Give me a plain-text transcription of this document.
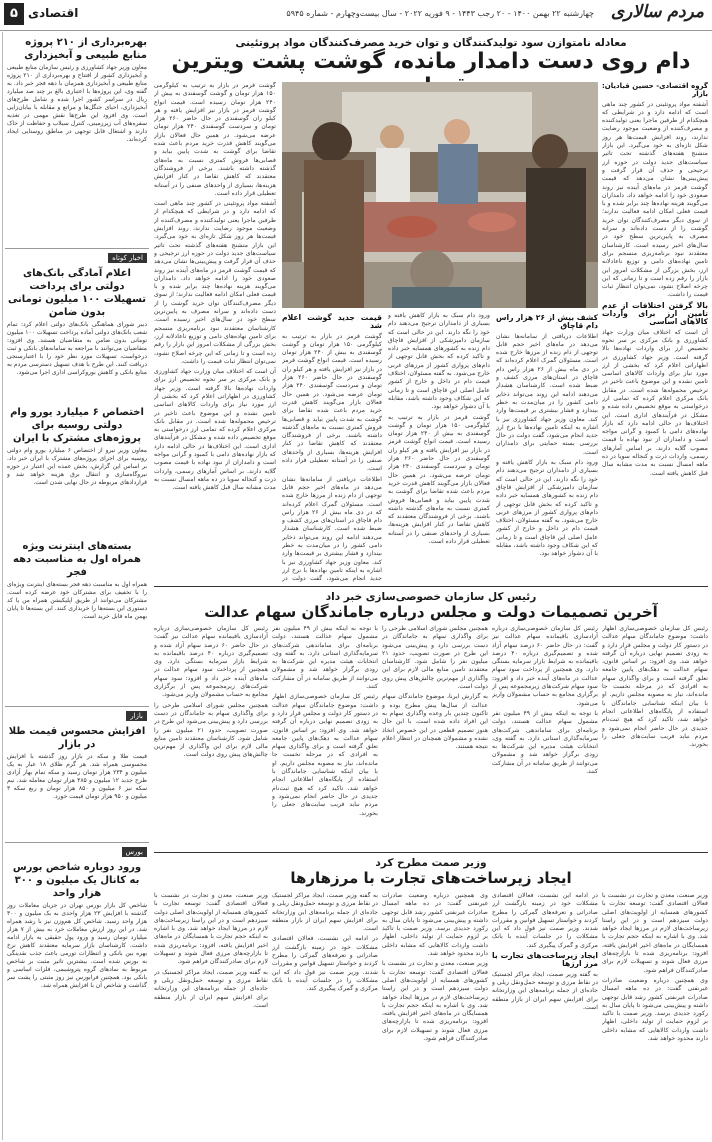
مردم سالاری
چهارشنبه ۲۲ بهمن ۱۴۰۰ - ۲۰ رجب ۱۴۴۳ - ۹ فوریه ۲۰۲۲ - سال بیست‌وچهارم - شماره ۵۹۴۵
اقتصادی
۵
معادله نامتوازن سود تولیدکنندگان و توان خرید مصرف‌کنندگان مواد پروتئینی
دام روی دست دامدار مانده، گوشت پشت ویترین
گروه اقتصادی- حسین قبادیان: بازار

آشفته مواد پروتئینی در کشور چند ماهی است که ادامه دارد و در شرایطی که هیچکدام از طرفین ماجرا یعنی تولیدکننده و مصرف‌کننده از وضعیت موجود رضایت ندارند، روند افزایش قیمت‌ها هر روز شکل تازه‌ای به خود می‌گیرد. این بازار متشنج هفته‌های گذشته تحت تاثیر سیاست‌های جدید دولت در حوزه ارز ترجیحی و حذف آن قرار گرفت و پیش‌بینی‌ها نشان می‌دهد که قیمت گوشت قرمز در ماه‌های آینده نیز روند صعودی خود را ادامه خواهد داد. دامداران می‌گویند هزینه نهاده‌ها چند برابر شده و با قیمت فعلی امکان ادامه فعالیت ندارند؛ از سوی دیگر مصرف‌کنندگان توان خرید گوشت را از دست داده‌اند و سرانه مصرف به پایین‌ترین سطح خود در سال‌های اخیر رسیده است. کارشناسان معتقدند نبود برنامه‌ریزی منسجم برای تامین نهاده‌های دامی و توزیع ناعادلانه ارز، بخش بزرگی از مشکلات امروز این بازار را رقم زده است و تا زمانی که این چرخه اصلاح نشود، نمی‌توان انتظار ثبات قیمت را داشت.

بالا گرفتن اختلافات از عدم تامین ارز برای واردات کالاهای اساسی

آن است که اختلاف میان وزارت جهاد کشاورزی و بانک مرکزی بر سر نحوه تخصیص ارز برای واردات نهاده‌ها بالا گرفته است. وزیر جهاد کشاورزی در اظهاراتی اعلام کرد که بخشی از ارز مورد نیاز برای واردات کالاهای اساسی تامین نشده و این موضوع باعث تاخیر در ترخیص محموله‌ها شده است. در مقابل بانک مرکزی اعلام کرده که تمامی ارز درخواستی به موقع تخصیص داده شده و مشکل در فرآیندهای اداری است. این اختلاف‌ها در حالی ادامه دارد که بازار نهاده‌های دامی با کمبود و گرانی مواجه است و دامداران از نبود نهاده با قیمت مصوب گلایه دارند. بر اساس آمارهای رسمی، واردات ذرت و کنجاله سویا در ده ماهه امسال نسبت به مدت مشابه سال قبل کاهش یافته است.

کشف بیش از ۲۶ هزار راس دام قاچاق

اطلاعات دریافتی از سامانه‌ها نشان می‌دهد در ماه‌های اخیر حجم قابل توجهی از دام زنده از مرزها خارج شده است. مسئولان گمرک اعلام کرده‌اند که در دی ماه بیش از ۲۶ هزار راس دام قاچاق در استان‌های مرزی کشف و ضبط شده است. کارشناسان هشدار می‌دهند ادامه این روند می‌تواند ذخایر دامی کشور را در میان‌مدت به خطر بیندازد و فشار بیشتری بر قیمت‌ها وارد کند. معاون وزیر جهاد کشاورزی نیز با اشاره به اینکه تامین نهاده‌ها با نرخ ارز جدید انجام می‌شود، گفت دولت در حال بررسی بسته حمایتی برای دامداران است.

ورود دام سبک به بازار کاهش یافته و بسیاری از دامداران ترجیح می‌دهند دام خود را نگه دارند. این در حالی است که سازمان دامپزشکی از افزایش قاچاق دام زنده به کشورهای همسایه خبر داده و تاکید کرده که بخش قابل توجهی از دام‌های پرواری کشور از مرزهای غربی خارج می‌شود. به گفته مسئولان، اختلاف قیمت دام در داخل و خارج از کشور عامل اصلی این قاچاق است و تا زمانی که این شکاف وجود داشته باشد، مقابله با آن دشوار خواهد بود.

ورود دام سبک به بازار کاهش یافته و بسیاری از دامداران ترجیح می‌دهند دام خود را نگه دارند. این در حالی است که سازمان دامپزشکی از افزایش قاچاق دام زنده به کشورهای همسایه خبر داده و تاکید کرده که بخش قابل توجهی از دام‌های پرواری کشور از مرزهای غربی خارج می‌شود. به گفته مسئولان، اختلاف قیمت دام در داخل و خارج از کشور عامل اصلی این قاچاق است و تا زمانی که این شکاف وجود داشته باشد، مقابله با آن دشوار خواهد بود.

گوشت قرمز در بازار به ترتیب به کیلوگرمی ۱۵۰ هزار تومان و گوشت گوسفندی به بیش از ۲۴۰ هزار تومان رسیده است. قیمت انواع گوشت قرمز در بازار نیز افزایش یافته و هر کیلو ران گوسفندی در حال حاضر ۲۶۰ هزار تومان و سردست گوسفندی ۲۴۰ هزار تومان عرضه می‌شود. در همین حال فعالان بازار می‌گویند کاهش قدرت خرید مردم باعث شده تقاضا برای گوشت به شدت پایین بیاید و قصابی‌ها فروش کمتری نسبت به ماه‌های گذشته داشته باشند. برخی از فروشندگان معتقدند که کاهش تقاضا در کنار افزایش هزینه‌ها، بسیاری از واحدهای صنفی را در آستانه تعطیلی قرار داده است.

قیمت جدید گوشت اعلام شد

گوشت قرمز در بازار به ترتیب به کیلوگرمی ۱۵۰ هزار تومان و گوشت گوسفندی به بیش از ۲۴۰ هزار تومان رسیده است. قیمت انواع گوشت قرمز در بازار نیز افزایش یافته و هر کیلو ران گوسفندی در حال حاضر ۲۶۰ هزار تومان و سردست گوسفندی ۲۴۰ هزار تومان عرضه می‌شود. در همین حال فعالان بازار می‌گویند کاهش قدرت خرید مردم باعث شده تقاضا برای گوشت به شدت پایین بیاید و قصابی‌ها فروش کمتری نسبت به ماه‌های گذشته داشته باشند. برخی از فروشندگان معتقدند که کاهش تقاضا در کنار افزایش هزینه‌ها، بسیاری از واحدهای صنفی را در آستانه تعطیلی قرار داده است.

اطلاعات دریافتی از سامانه‌ها نشان می‌دهد در ماه‌های اخیر حجم قابل توجهی از دام زنده از مرزها خارج شده است. مسئولان گمرک اعلام کرده‌اند که در دی ماه بیش از ۲۶ هزار راس دام قاچاق در استان‌های مرزی کشف و ضبط شده است. کارشناسان هشدار می‌دهند ادامه این روند می‌تواند ذخایر دامی کشور را در میان‌مدت به خطر بیندازد و فشار بیشتری بر قیمت‌ها وارد کند. معاون وزیر جهاد کشاورزی نیز با اشاره به اینکه تامین نهاده‌ها با نرخ ارز جدید انجام می‌شود، گفت دولت در

گوشت قرمز در بازار به ترتیب به کیلوگرمی ۱۵۰ هزار تومان و گوشت گوسفندی به بیش از ۲۴۰ هزار تومان رسیده است. قیمت انواع گوشت قرمز در بازار نیز افزایش یافته و هر کیلو ران گوسفندی در حال حاضر ۲۶۰ هزار تومان و سردست گوسفندی ۲۴۰ هزار تومان عرضه می‌شود. در همین حال فعالان بازار می‌گویند کاهش قدرت خرید مردم باعث شده تقاضا برای گوشت به شدت پایین بیاید و قصابی‌ها فروش کمتری نسبت به ماه‌های گذشته داشته باشند. برخی از فروشندگان معتقدند که کاهش تقاضا در کنار افزایش هزینه‌ها، بسیاری از واحدهای صنفی را در آستانه تعطیلی قرار داده است.

آشفته مواد پروتئینی در کشور چند ماهی است که ادامه دارد و در شرایطی که هیچکدام از طرفین ماجرا یعنی تولیدکننده و مصرف‌کننده از وضعیت موجود رضایت ندارند، روند افزایش قیمت‌ها هر روز شکل تازه‌ای به خود می‌گیرد. این بازار متشنج هفته‌های گذشته تحت تاثیر سیاست‌های جدید دولت در حوزه ارز ترجیحی و حذف آن قرار گرفت و پیش‌بینی‌ها نشان می‌دهد که قیمت گوشت قرمز در ماه‌های آینده نیز روند صعودی خود را ادامه خواهد داد. دامداران می‌گویند هزینه نهاده‌ها چند برابر شده و با قیمت فعلی امکان ادامه فعالیت ندارند؛ از سوی دیگر مصرف‌کنندگان توان خرید گوشت را از دست داده‌اند و سرانه مصرف به پایین‌ترین سطح خود در سال‌های اخیر رسیده است. کارشناسان معتقدند نبود برنامه‌ریزی منسجم برای تامین نهاده‌های دامی و توزیع ناعادلانه ارز، بخش بزرگی از مشکلات امروز این بازار را رقم زده است و تا زمانی که این چرخه اصلاح نشود، نمی‌توان انتظار ثبات قیمت را داشت.

آن است که اختلاف میان وزارت جهاد کشاورزی و بانک مرکزی بر سر نحوه تخصیص ارز برای واردات نهاده‌ها بالا گرفته است. وزیر جهاد کشاورزی در اظهاراتی اعلام کرد که بخشی از ارز مورد نیاز برای واردات کالاهای اساسی تامین نشده و این موضوع باعث تاخیر در ترخیص محموله‌ها شده است. در مقابل بانک مرکزی اعلام کرده که تمامی ارز درخواستی به موقع تخصیص داده شده و مشکل در فرآیندهای اداری است. این اختلاف‌ها در حالی ادامه دارد که بازار نهاده‌های دامی با کمبود و گرانی مواجه است و دامداران از نبود نهاده با قیمت مصوب گلایه دارند. بر اساس آمارهای رسمی، واردات ذرت و کنجاله سویا در ده ماهه امسال نسبت به مدت مشابه سال قبل کاهش یافته است.

رئیس کل سازمان خصوصی‌سازی خبر داد
آخرین تصمیمات دولت و مجلس درباره جاماندگان سهام عدالت

رئیس کل سازمان خصوصی‌سازی اظهار داشت: موضوع جاماندگان سهام عدالت در دستور کار دولت و مجلس قرار دارد و به زودی تصمیم نهایی درباره آن گرفته خواهد شد. وی افزود: بر اساس قانون، سهام عدالت به دهک‌های پایین جامعه تعلق گرفته است و برای واگذاری سهام به افرادی که در مرحله نخست جا مانده‌اند، نیاز به مصوبه مجلس داریم. او با بیان اینکه شناسایی جاماندگان با استفاده از پایگاه‌های اطلاعاتی انجام خواهد شد، تاکید کرد که هیچ ثبت‌نام جدیدی در حال حاضر انجام نمی‌شود و مردم نباید فریب سایت‌های جعلی را بخورند.

رئیس کل سازمان خصوصی‌سازی درباره آزادسازی باقیمانده سهام عدالت نیز گفت: در حال حاضر ۶۰ درصد سهام آزاد شده و تصمیم‌گیری درباره ۴۰ درصد باقیمانده به شرایط بازار سرمایه بستگی دارد. وی همچنین از پرداخت سود سهام عدالت در ماه‌های آینده خبر داد و افزود: سود سهام شرکت‌های زیرمجموعه پس از برگزاری مجامع به حساب مشمولان واریز می‌شود.

با توجه به اینکه بیش از ۴۹ میلیون نفر مشمول سهام عدالت هستند، دولت برنامه‌ای برای ساماندهی شرکت‌های سرمایه‌گذاری استانی دارد. به گفته وی، انتخابات هیئت مدیره این شرکت‌ها به زودی برگزار خواهد شد و مشمولان می‌توانند از طریق سامانه در آن مشارکت کنند.

همچنین مجلس شورای اسلامی طرحی را برای واگذاری سهام به جاماندگان در دست بررسی دارد و پیش‌بینی می‌شود این طرح در صورت تصویب، حدود ۲۱ میلیون نفر را شامل شود. کارشناسان معتقدند تامین منابع مالی لازم برای این واگذاری از مهم‌ترین چالش‌های پیش روی دولت است.

به گزارش ایرنا، موضوع جاماندگان سهام عدالت از سال‌ها پیش مطرح بوده و تاکنون چندین بار وعده واگذاری سهام به این افراد داده شده است. با این حال هنوز تصمیم قطعی در این خصوص اتخاذ نشده و مشمولان همچنان در انتظار اعلام نتیجه هستند.

با توجه به اینکه بیش از ۴۹ میلیون نفر مشمول سهام عدالت هستند، دولت برنامه‌ای برای ساماندهی شرکت‌های سرمایه‌گذاری استانی دارد. به گفته وی، انتخابات هیئت مدیره این شرکت‌ها به زودی برگزار خواهد شد و مشمولان می‌توانند از طریق سامانه در آن مشارکت کنند.

رئیس کل سازمان خصوصی‌سازی اظهار داشت: موضوع جاماندگان سهام عدالت در دستور کار دولت و مجلس قرار دارد و به زودی تصمیم نهایی درباره آن گرفته خواهد شد. وی افزود: بر اساس قانون، سهام عدالت به دهک‌های پایین جامعه تعلق گرفته است و برای واگذاری سهام به افرادی که در مرحله نخست جا مانده‌اند، نیاز به مصوبه مجلس داریم. او با بیان اینکه شناسایی جاماندگان با استفاده از پایگاه‌های اطلاعاتی انجام خواهد شد، تاکید کرد که هیچ ثبت‌نام جدیدی در حال حاضر انجام نمی‌شود و مردم نباید فریب سایت‌های جعلی را بخورند.

رئیس کل سازمان خصوصی‌سازی درباره آزادسازی باقیمانده سهام عدالت نیز گفت: در حال حاضر ۶۰ درصد سهام آزاد شده و تصمیم‌گیری درباره ۴۰ درصد باقیمانده به شرایط بازار سرمایه بستگی دارد. وی همچنین از پرداخت سود سهام عدالت در ماه‌های آینده خبر داد و افزود: سود سهام شرکت‌های زیرمجموعه پس از برگزاری مجامع به حساب مشمولان واریز می‌شود.

همچنین مجلس شورای اسلامی طرحی را برای واگذاری سهام به جاماندگان در دست بررسی دارد و پیش‌بینی می‌شود این طرح در صورت تصویب، حدود ۲۱ میلیون نفر را شامل شود. کارشناسان معتقدند تامین منابع مالی لازم برای این واگذاری از مهم‌ترین چالش‌های پیش روی دولت است.

وزیر صمت مطرح کرد
ایجاد زیرساخت‌های تجارت با مرزهارها

وزیر صنعت، معدن و تجارت در نشست با فعالان اقتصادی گفت: توسعه تجارت با کشورهای همسایه از اولویت‌های اصلی دولت سیزدهم است و در این راستا زیرساخت‌های لازم در مرزها ایجاد خواهد شد. وی با اشاره به اینکه حجم تجارت با همسایگان در ماه‌های اخیر افزایش یافته، افزود: برنامه‌ریزی شده تا بازارچه‌های مرزی فعال شوند و تسهیلات لازم برای صادرکنندگان فراهم شود.

وی همچنین درباره وضعیت صادرات غیرنفتی گفت: در ده ماهه امسال صادرات غیرنفتی کشور رشد قابل توجهی داشته و پیش‌بینی می‌شود تا پایان سال به رکورد جدیدی برسد. وزیر صمت با تاکید بر لزوم حمایت از تولید داخلی، اظهار داشت واردات کالاهایی که مشابه داخلی دارند محدود خواهد شد.

در ادامه این نشست، فعالان اقتصادی مشکلات خود در زمینه بازگشت ارز صادراتی و تعرفه‌های گمرکی را مطرح کردند و خواستار تسهیل قوانین و مقررات شدند. وزیر صمت نیز قول داد که این مشکلات را در جلسات آینده با بانک مرکزی و گمرک پیگیری کند.

ایجاد زیرساخت‌های تجارت با مرز ارزها

به گفته وزیر صمت، ایجاد مراکز لجستیک در نقاط مرزی و توسعه حمل‌ونقل ریلی و جاده‌ای از جمله برنامه‌های این وزارتخانه برای افزایش سهم ایران از بازار منطقه است.

وی همچنین درباره وضعیت صادرات غیرنفتی گفت: در ده ماهه امسال صادرات غیرنفتی کشور رشد قابل توجهی داشته و پیش‌بینی می‌شود تا پایان سال به رکورد جدیدی برسد. وزیر صمت با تاکید بر لزوم حمایت از تولید داخلی، اظهار داشت واردات کالاهایی که مشابه داخلی دارند محدود خواهد شد.

وزیر صنعت، معدن و تجارت در نشست با فعالان اقتصادی گفت: توسعه تجارت با کشورهای همسایه از اولویت‌های اصلی دولت سیزدهم است و در این راستا زیرساخت‌های لازم در مرزها ایجاد خواهد شد. وی با اشاره به اینکه حجم تجارت با همسایگان در ماه‌های اخیر افزایش یافته، افزود: برنامه‌ریزی شده تا بازارچه‌های مرزی فعال شوند و تسهیلات لازم برای صادرکنندگان فراهم شود.

به گفته وزیر صمت، ایجاد مراکز لجستیک در نقاط مرزی و توسعه حمل‌ونقل ریلی و جاده‌ای از جمله برنامه‌های این وزارتخانه برای افزایش سهم ایران از بازار منطقه است.

در ادامه این نشست، فعالان اقتصادی مشکلات خود در زمینه بازگشت ارز صادراتی و تعرفه‌های گمرکی را مطرح کردند و خواستار تسهیل قوانین و مقررات شدند. وزیر صمت نیز قول داد که این مشکلات را در جلسات آینده با بانک مرکزی و گمرک پیگیری کند.

وزیر صنعت، معدن و تجارت در نشست با فعالان اقتصادی گفت: توسعه تجارت با کشورهای همسایه از اولویت‌های اصلی دولت سیزدهم است و در این راستا زیرساخت‌های لازم در مرزها ایجاد خواهد شد. وی با اشاره به اینکه حجم تجارت با همسایگان در ماه‌های اخیر افزایش یافته، افزود: برنامه‌ریزی شده تا بازارچه‌های مرزی فعال شوند و تسهیلات لازم برای صادرکنندگان فراهم شود.

به گفته وزیر صمت، ایجاد مراکز لجستیک در نقاط مرزی و توسعه حمل‌ونقل ریلی و جاده‌ای از جمله برنامه‌های این وزارتخانه برای افزایش سهم ایران از بازار منطقه است.

بهره‌برداری از ۲۱۰ پروژه منابع طبیعی و آبخیزداری
معاون وزیر جهاد کشاورزی و رئیس سازمان منابع طبیعی و آبخیزداری کشور از افتتاح و بهره‌برداری از ۲۱۰ پروژه منابع طبیعی و آبخیزداری همزمان با دهه فجر خبر داد. به گفته وی، این پروژه‌ها با اعتباری بالغ بر چند صد میلیارد ریال در سراسر کشور اجرا شده و شامل طرح‌های آبخیزداری، احیای جنگل‌ها و مراتع و مقابله با بیابان‌زایی است. وی افزود این طرح‌ها نقش مهمی در تغذیه سفره‌های آب زیرزمینی، کنترل سیلاب و حفاظت از خاک دارند و اشتغال قابل توجهی در مناطق روستایی ایجاد کرده‌اند.
اخبار کوتاه
اعلام آمادگی بانک‌های دولتی برای پرداخت تسهیلات ۱۰۰ میلیون تومانی بدون ضامن
دبیر شورای هماهنگی بانک‌های دولتی اعلام کرد: تمام شعب بانک‌های دولتی آماده پرداخت تسهیلات ۱۰۰ میلیون تومانی بدون ضامن به متقاضیان هستند. وی افزود: متقاضیان می‌توانند با مراجعه به سامانه‌های بانکی و ثبت درخواست، تسهیلات مورد نظر خود را با اعتبارسنجی دریافت کنند. این طرح با هدف تسهیل دسترسی مردم به منابع بانکی و کاهش بوروکراسی اداری اجرا می‌شود.
اختصاص ۶ میلیارد یورو وام دولتی روسیه برای پروژه‌های مشترک با ایران
معاون وزیر نیرو از اختصاص ۶ میلیارد یورو وام دولتی روسیه برای اجرای پروژه‌های مشترک با ایران خبر داد. بر اساس این گزارش، بخش عمده این اعتبار در حوزه نیروگاه‌سازی و انتقال برق هزینه خواهد شد و قراردادهای مربوطه در حال نهایی شدن است.
بسته‌های اینترنت ویژه همراه اول به مناسبت دهه فجر
همراه اول به مناسبت دهه فجر بسته‌های اینترنت ویژه‌ای را با تخفیف برای مشترکان خود عرضه کرده است. مشترکان می‌توانند از طریق اپلیکیشن همراه من یا کد دستوری این بسته‌ها را خریداری کنند. این بسته‌ها تا پایان بهمن ماه قابل خرید است.
بازار
افزایش محسوس قیمت طلا در بازار
قیمت طلا و سکه در بازار روز گذشته با افزایش محسوسی همراه شد. هر گرم طلای ۱۸ عیار به یک میلیون و ۲۳۴ هزار تومان رسید و سکه تمام بهار آزادی طرح جدید ۱۲ میلیون و ۴۸۵ هزار تومان معامله شد. نیم سکه نیز ۶ میلیون و ۸۵۰ هزار تومان و ربع سکه ۳ میلیون و ۹۵۰ هزار تومان قیمت خورد.
بورس
ورود دوباره شاخص بورس به کانال یک میلیون و ۳۰۰ هزار واحد
شاخص کل بازار بورس تهران در جریان معاملات روز گذشته با افزایش ۲۳ هزار واحدی به یک میلیون و ۳۰۰ هزار واحد رسید. شاخص کل هم‌وزن نیز با رشد همراه شد. در این روز ارزش معاملات خرد به بیش از ۷ هزار میلیارد تومان رسید و ورود پول حقیقی به بازار ادامه داشت. کارشناسان بازار سرمایه معتقدند کاهش نرخ بهره بین بانکی و انتظارات تورمی باعث جذب نقدینگی به بورس شده است. بیشترین تاثیر مثبت بر شاخص مربوط به نمادهای گروه پتروشیمی، فلزات اساسی و بانکی بود. همچنین فرابورس نیز روز مثبتی را پشت سر گذاشت و شاخص آن با افزایش همراه شد.
